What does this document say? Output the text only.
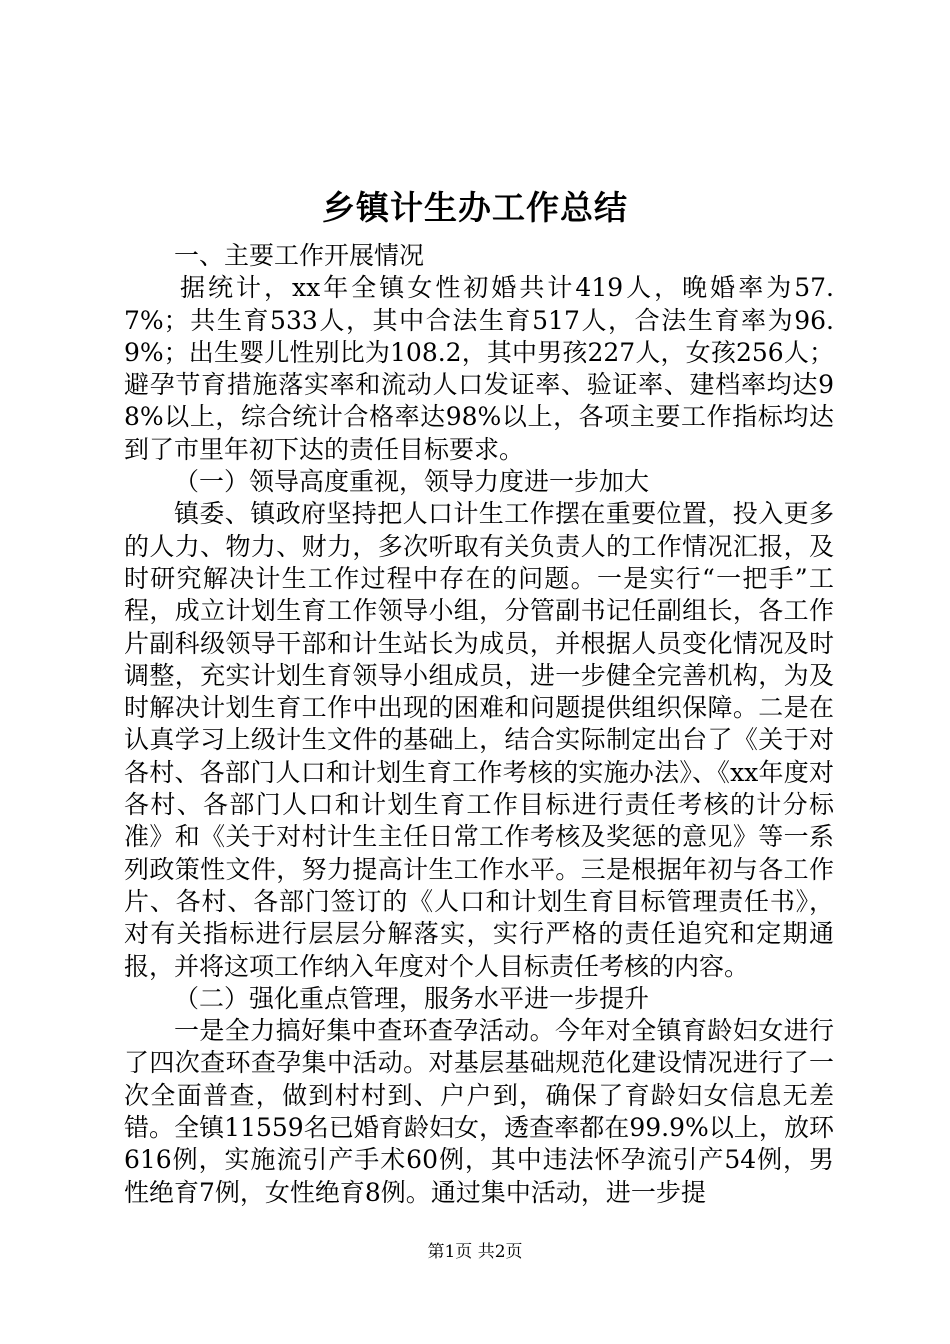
乡镇计生办工作总结

一、主要工作开展情况

据统计，xx年全镇女性初婚共计419人，晚婚率为57.7%；共生育533人，其中合法生育517人，合法生育率为96.9%；出生婴儿性别比为108.2，其中男孩227人，女孩256人；避孕节育措施落实率和流动人口发证率、验证率、建档率均达98%以上，综合统计合格率达98%以上，各项主要工作指标均达到了市里年初下达的责任目标要求。

（一）领导高度重视，领导力度进一步加大

镇委、镇政府坚持把人口计生工作摆在重要位置，投入更多的人力、物力、财力，多次听取有关负责人的工作情况汇报，及时研究解决计生工作过程中存在的问题。一是实行“一把手”工程，成立计划生育工作领导小组，分管副书记任副组长，各工作片副科级领导干部和计生站长为成员，并根据人员变化情况及时调整，充实计划生育领导小组成员，进一步健全完善机构，为及时解决计划生育工作中出现的困难和问题提供组织保障。二是在认真学习上级计生文件的基础上，结合实际制定出台了《关于对各村、各部门人口和计划生育工作考核的实施办法》、《xx年度对各村、各部门人口和计划生育工作目标进行责任考核的计分标准》和《关于对村计生主任日常工作考核及奖惩的意见》等一系列政策性文件，努力提高计生工作水平。三是根据年初与各工作片、各村、各部门签订的《人口和计划生育目标管理责任书》，对有关指标进行层层分解落实，实行严格的责任追究和定期通报，并将这项工作纳入年度对个人目标责任考核的内容。

（二）强化重点管理，服务水平进一步提升

一是全力搞好集中查环查孕活动。今年对全镇育龄妇女进行了四次查环查孕集中活动。对基层基础规范化建设情况进行了一次全面普查，做到村村到、户户到，确保了育龄妇女信息无差错。全镇11559名已婚育龄妇女，透查率都在99.9%以上，放环616例，实施流引产手术60例，其中违法怀孕流引产54例，男性绝育7例，女性绝育8例。通过集中活动，进一步提

第1页 共2页
